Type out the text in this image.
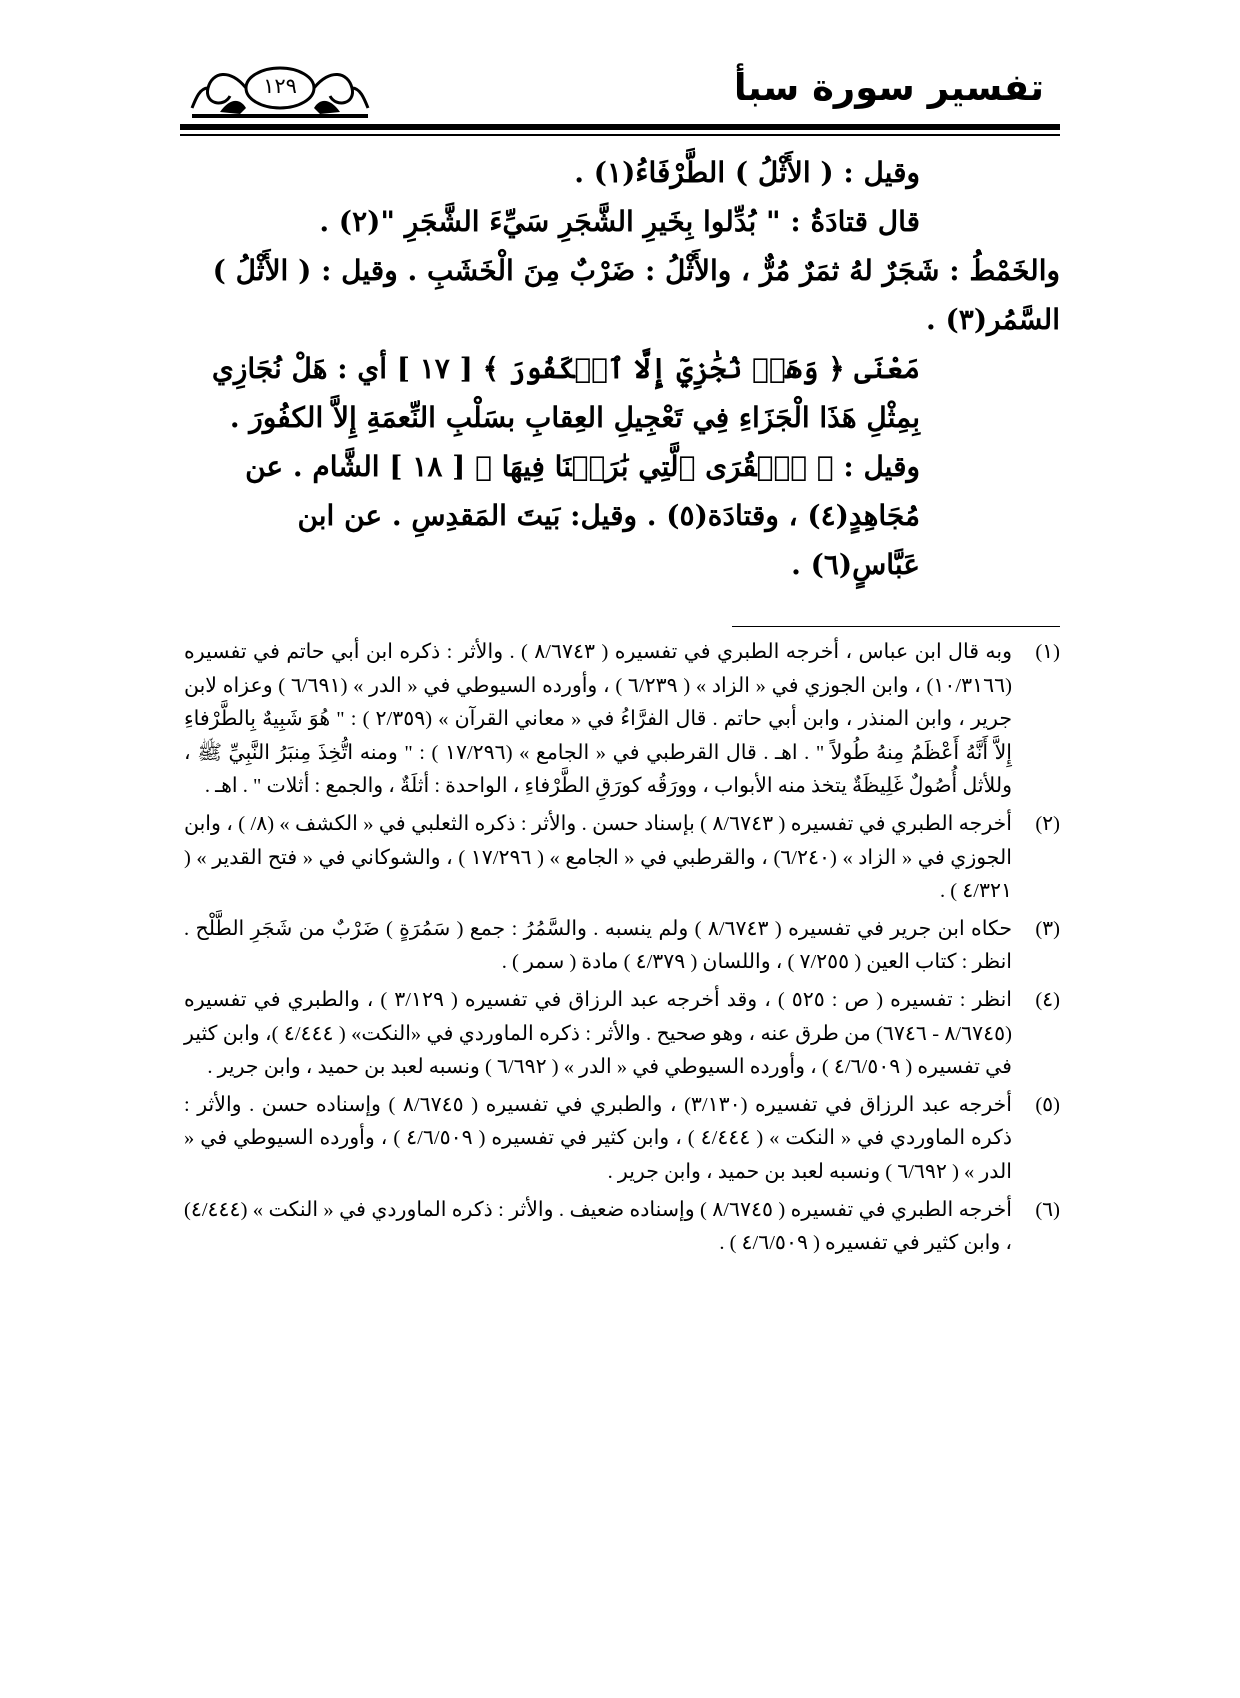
تفسير سورة سبأ
١٢٩

وقيل : ( الأَثْلُ ) الطَّرْفَاءُ(١) .

قال قتادَةُ : " بُدِّلوا بِخَيرِ الشَّجَرِ سَيِّءَ الشَّجَرِ "(٢) .

والخَمْطُ : شَجَرٌ لهُ ثمَرٌ مُرٌّ ، والأَثْلُ : ضَرْبٌ مِنَ الْخَشَبِ . وقيل : ( الأَثْلُ ) السَّمُر(٣) .

مَعْنَى ﴿ وَهَلۡ نُجَٰزِيٓ إِلَّا ٱلۡكَفُورَ ﴾ [ ١٧ ] أي : هَلْ نُجَازِي بِمِثْلِ هَذَا الْجَزَاءِ فِي تَعْجِيلِ العِقابِ بسَلْبِ النِّعمَةِ إِلاَّ الكفُورَ .

وقيل : ﴿ ٱلۡقُرَى ٱلَّتِي بَٰرَكۡنَا فِيهَا ﴾ [ ١٨ ] الشَّام . عن مُجَاهِدٍ(٤) ، وقتادَة(٥) . وقيل: بَيتَ المَقدِسِ . عن ابن عَبَّاسٍ(٦) .

(١)
وبه قال ابن عباس ، أخرجه الطبري في تفسيره ( ٨/٦٧٤٣ ) . والأثر : ذكره ابن أبي حاتم في تفسيره (١٠/٣١٦٦) ، وابن الجوزي في « الزاد » ( ٦/٢٣٩ ) ، وأورده السيوطي في « الدر » (٦/٦٩١ ) وعزاه لابن جرير ، وابن المنذر ، وابن أبي حاتم . قال الفرَّاءُ في « معاني القرآن » (٢/٣٥٩ ) : " هُوَ شَبِيهٌ بِالطَّرْفاءِ إِلاَّ أَنَّهُ أَعْظَمُ مِنهُ طُولاً " . اهـ . قال القرطبي في « الجامع » (١٧/٢٩٦ ) : " ومنه اتُّخِذَ مِنبَرُ النَّبِيِّ ﷺ ، وللأثل أُصُولٌ غَلِيظَةٌ يتخذ منه الأبواب ، وورَقُه كورَقِ الطَّرْفاءِ ، الواحدة : أثلَةٌ ، والجمع : أثلات " . اهـ .
(٢)
أخرجه الطبري في تفسيره ( ٨/٦٧٤٣ ) بإسناد حسن . والأثر : ذكره الثعلبي في « الكشف » (٨/ ) ، وابن الجوزي في « الزاد » (٦/٢٤٠) ، والقرطبي في « الجامع » ( ١٧/٢٩٦ ) ، والشوكاني في « فتح القدير » ( ٤/٣٢١ ) .
(٣)
حكاه ابن جرير في تفسيره ( ٨/٦٧٤٣ ) ولم ينسبه . والسَّمُرُ : جمع ( سَمُرَةٍ ) ضَرْبٌ من شَجَرِ الطَّلْح . انظر : كتاب العين ( ٧/٢٥٥ ) ، واللسان ( ٤/٣٧٩ ) مادة ( سمر ) .
(٤)
انظر : تفسيره ( ص : ٥٢٥ ) ، وقد أخرجه عبد الرزاق في تفسيره ( ٣/١٢٩ ) ، والطبري في تفسيره (٨/٦٧٤٥ - ٦٧٤٦) من طرق عنه ، وهو صحيح . والأثر : ذكره الماوردي في «النكت» ( ٤/٤٤٤ )، وابن كثير في تفسيره ( ٤/٦/٥٠٩ ) ، وأورده السيوطي في « الدر » ( ٦/٦٩٢ ) ونسبه لعبد بن حميد ، وابن جرير .
(٥)
أخرجه عبد الرزاق في تفسيره (٣/١٣٠) ، والطبري في تفسيره ( ٨/٦٧٤٥ ) وإسناده حسن . والأثر : ذكره الماوردي في « النكت » ( ٤/٤٤٤ ) ، وابن كثير في تفسيره ( ٤/٦/٥٠٩ ) ، وأورده السيوطي في « الدر » ( ٦/٦٩٢ ) ونسبه لعبد بن حميد ، وابن جرير .
(٦)
أخرجه الطبري في تفسيره ( ٨/٦٧٤٥ ) وإسناده ضعيف . والأثر : ذكره الماوردي في « النكت » (٤/٤٤٤) ، وابن كثير في تفسيره ( ٤/٦/٥٠٩ ) .
